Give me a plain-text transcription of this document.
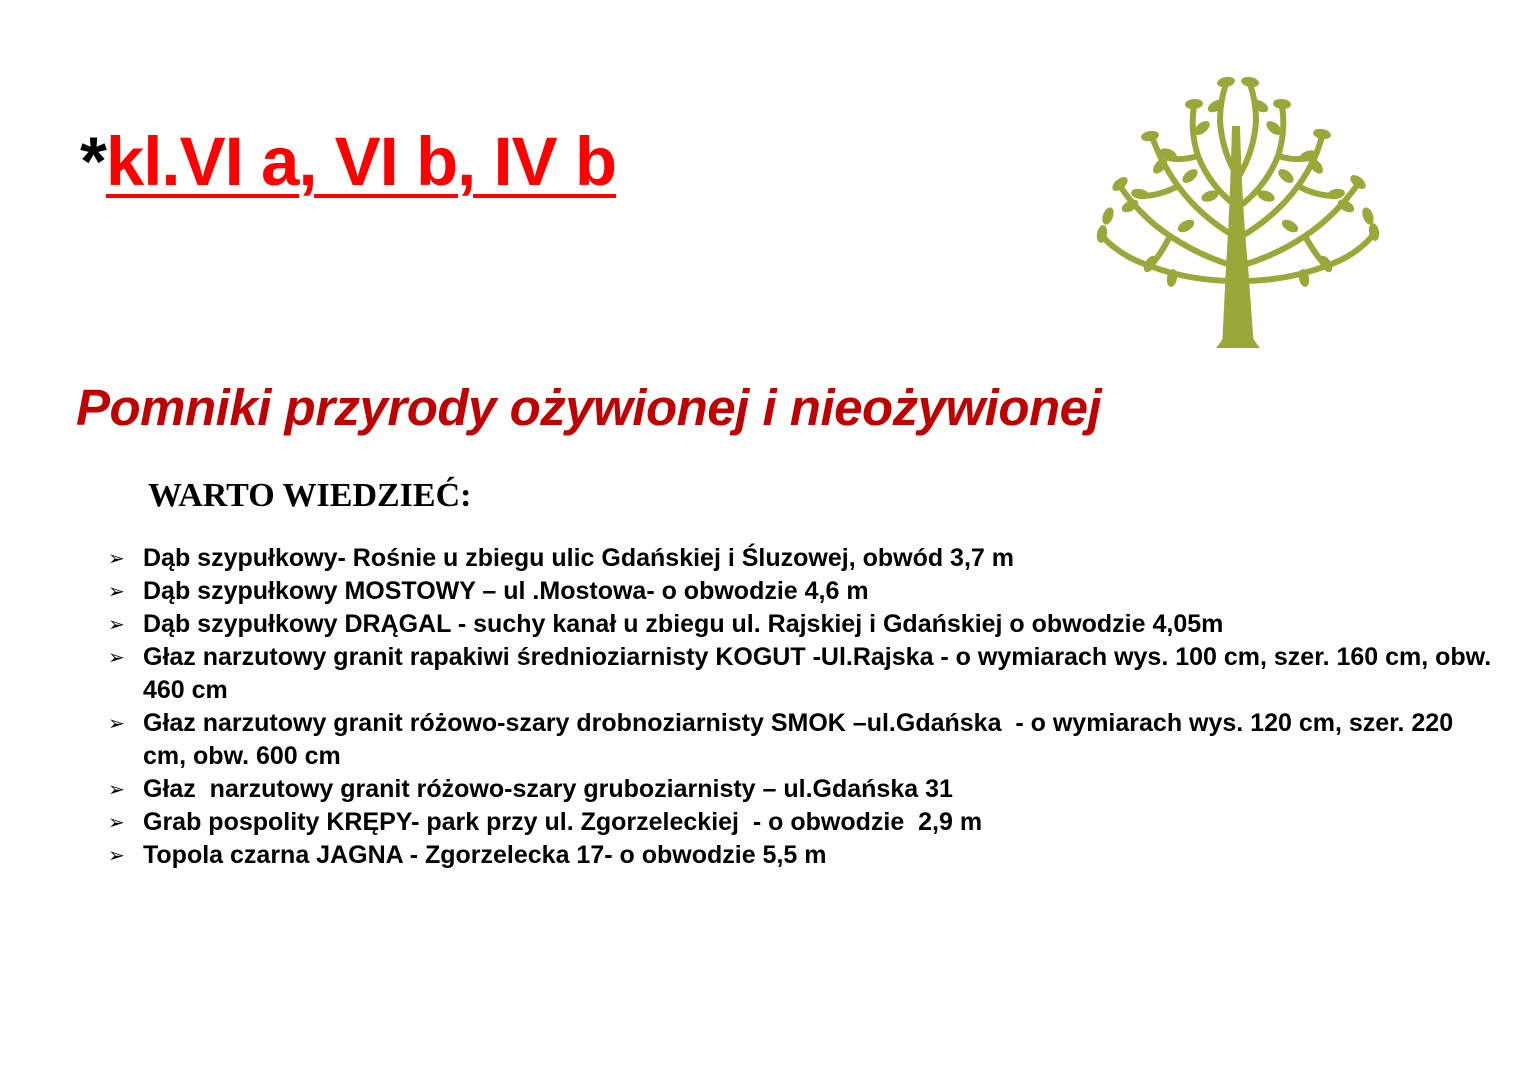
*kl.VI a, VI b, IV b
Pomniki przyrody ożywionej i nieożywionej
WARTO WIEDZIEĆ:
➢ Dąb szypułkowy- Rośnie u zbiegu ulic Gdańskiej i Śluzowej, obwód 3,7 m
➢ Dąb szypułkowy MOSTOWY – ul .Mostowa- o obwodzie 4,6 m
➢ Dąb szypułkowy DRĄGAL - suchy kanał u zbiegu ul. Rajskiej i Gdańskiej o obwodzie 4,05m
➢ Głaz narzutowy granit rapakiwi średnioziarnisty KOGUT -Ul.Rajska - o wymiarach wys. 100 cm, szer. 160 cm, obw. 460 cm
➢ Głaz narzutowy granit różowo-szary drobnoziarnisty SMOK –ul.Gdańska  - o wymiarach wys. 120 cm, szer. 220 cm, obw. 600 cm
➢ Głaz  narzutowy granit różowo-szary gruboziarnisty – ul.Gdańska 31
➢ Grab pospolity KRĘPY- park przy ul. Zgorzeleckiej  - o obwodzie  2,9 m
➢ Topola czarna JAGNA - Zgorzelecka 17- o obwodzie 5,5 m
